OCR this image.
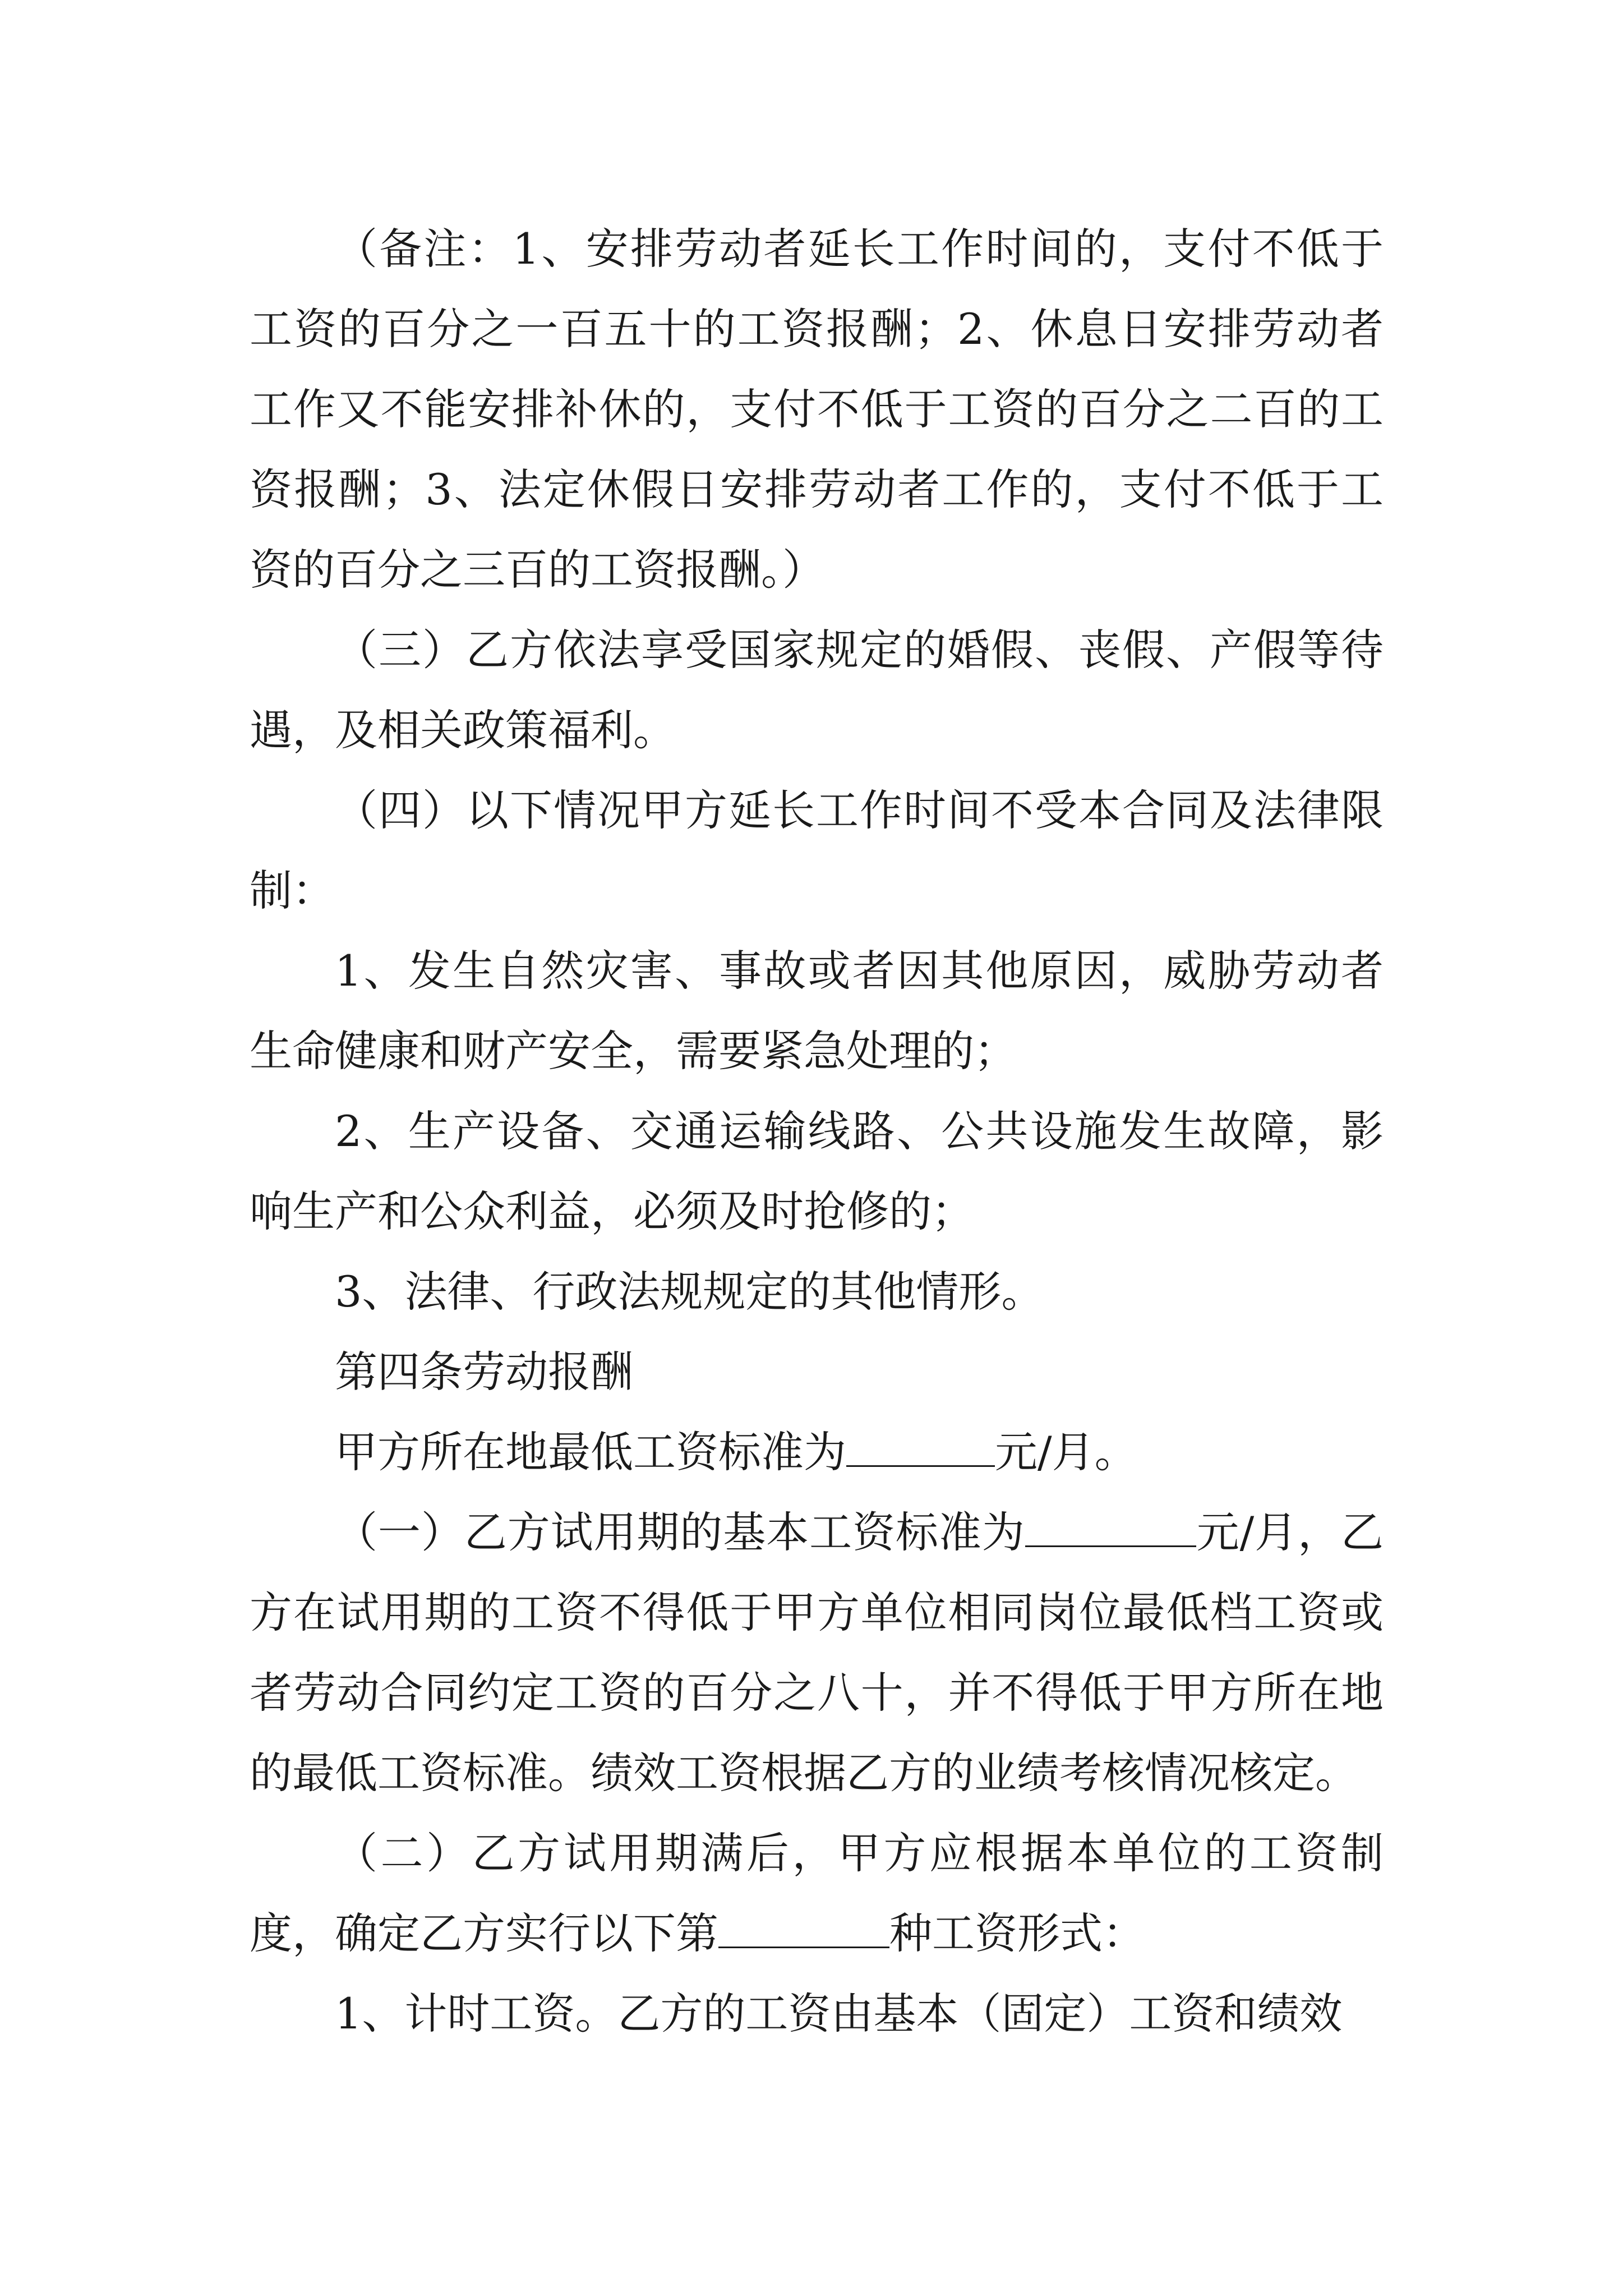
（备注：1、安排劳动者延长工作时间的，支付不低于工资的百分之一百五十的工资报酬；2、休息日安排劳动者工作又不能安排补休的，支付不低于工资的百分之二百的工资报酬；3、法定休假日安排劳动者工作的，支付不低于工资的百分之三百的工资报酬。）

（三）乙方依法享受国家规定的婚假、丧假、产假等待遇，及相关政策福利。

（四）以下情况甲方延长工作时间不受本合同及法律限制：

1、发生自然灾害、事故或者因其他原因，威胁劳动者生命健康和财产安全，需要紧急处理的；

2、生产设备、交通运输线路、公共设施发生故障，影响生产和公众利益，必须及时抢修的；

3、法律、行政法规规定的其他情形。

第四条劳动报酬

甲方所在地最低工资标准为	元/月。

（一）乙方试用期的基本工资标准为	元/月，乙方在试用期的工资不得低于甲方单位相同岗位最低档工资或者劳动合同约定工资的百分之八十，并不得低于甲方所在地的最低工资标准。绩效工资根据乙方的业绩考核情况核定。

（二）乙方试用期满后，甲方应根据本单位的工资制度，确定乙方实行以下第	种工资形式：

1、计时工资。乙方的工资由基本（固定）工资和绩效
